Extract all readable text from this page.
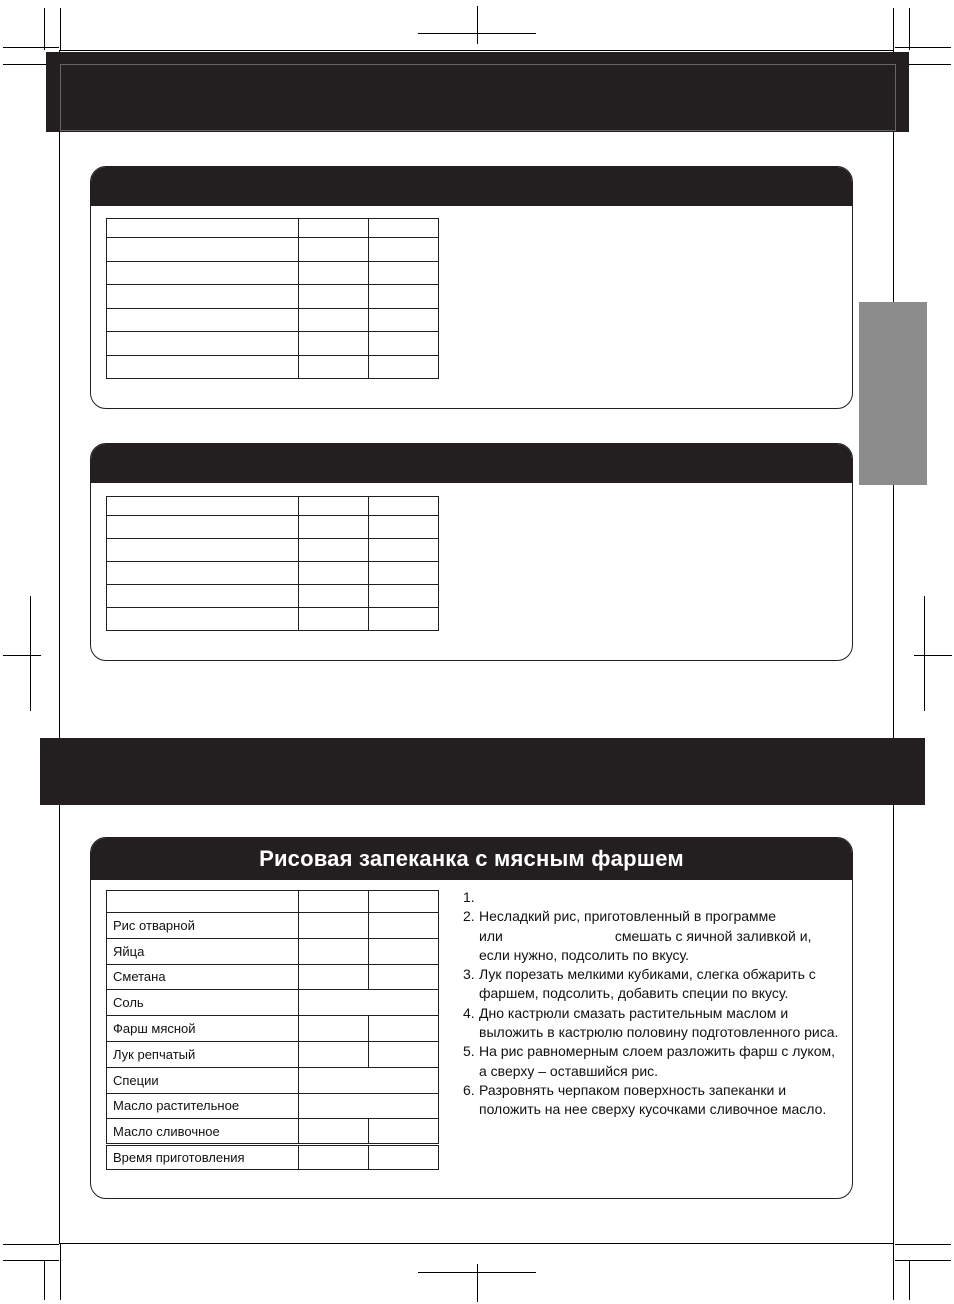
Рисовая запеканка с мясным фаршем

Рис отварной		
Яйца		
Сметана		
Соль		
Фарш мясной		
Лук репчатый		
Специи		
Масло растительное		
Масло сливочное		
Время приготовления		
1.
2. Несладкий рис, приготовленный в программе
или	смешать с яичной заливкой и,
если нужно, подсолить по вкусу.
3. Лук порезать мелкими кубиками, слегка обжарить с
фаршем, подсолить, добавить специи по вкусу.
4. Дно кастрюли смазать растительным маслом и
выложить в кастрюлю половину подготовленного риса.
5. На рис равномерным слоем разложить фарш с луком,
а сверху – оставшийся рис.
6. Разровнять черпаком поверхность запеканки и
положить на нее сверху кусочками сливочное масло.
